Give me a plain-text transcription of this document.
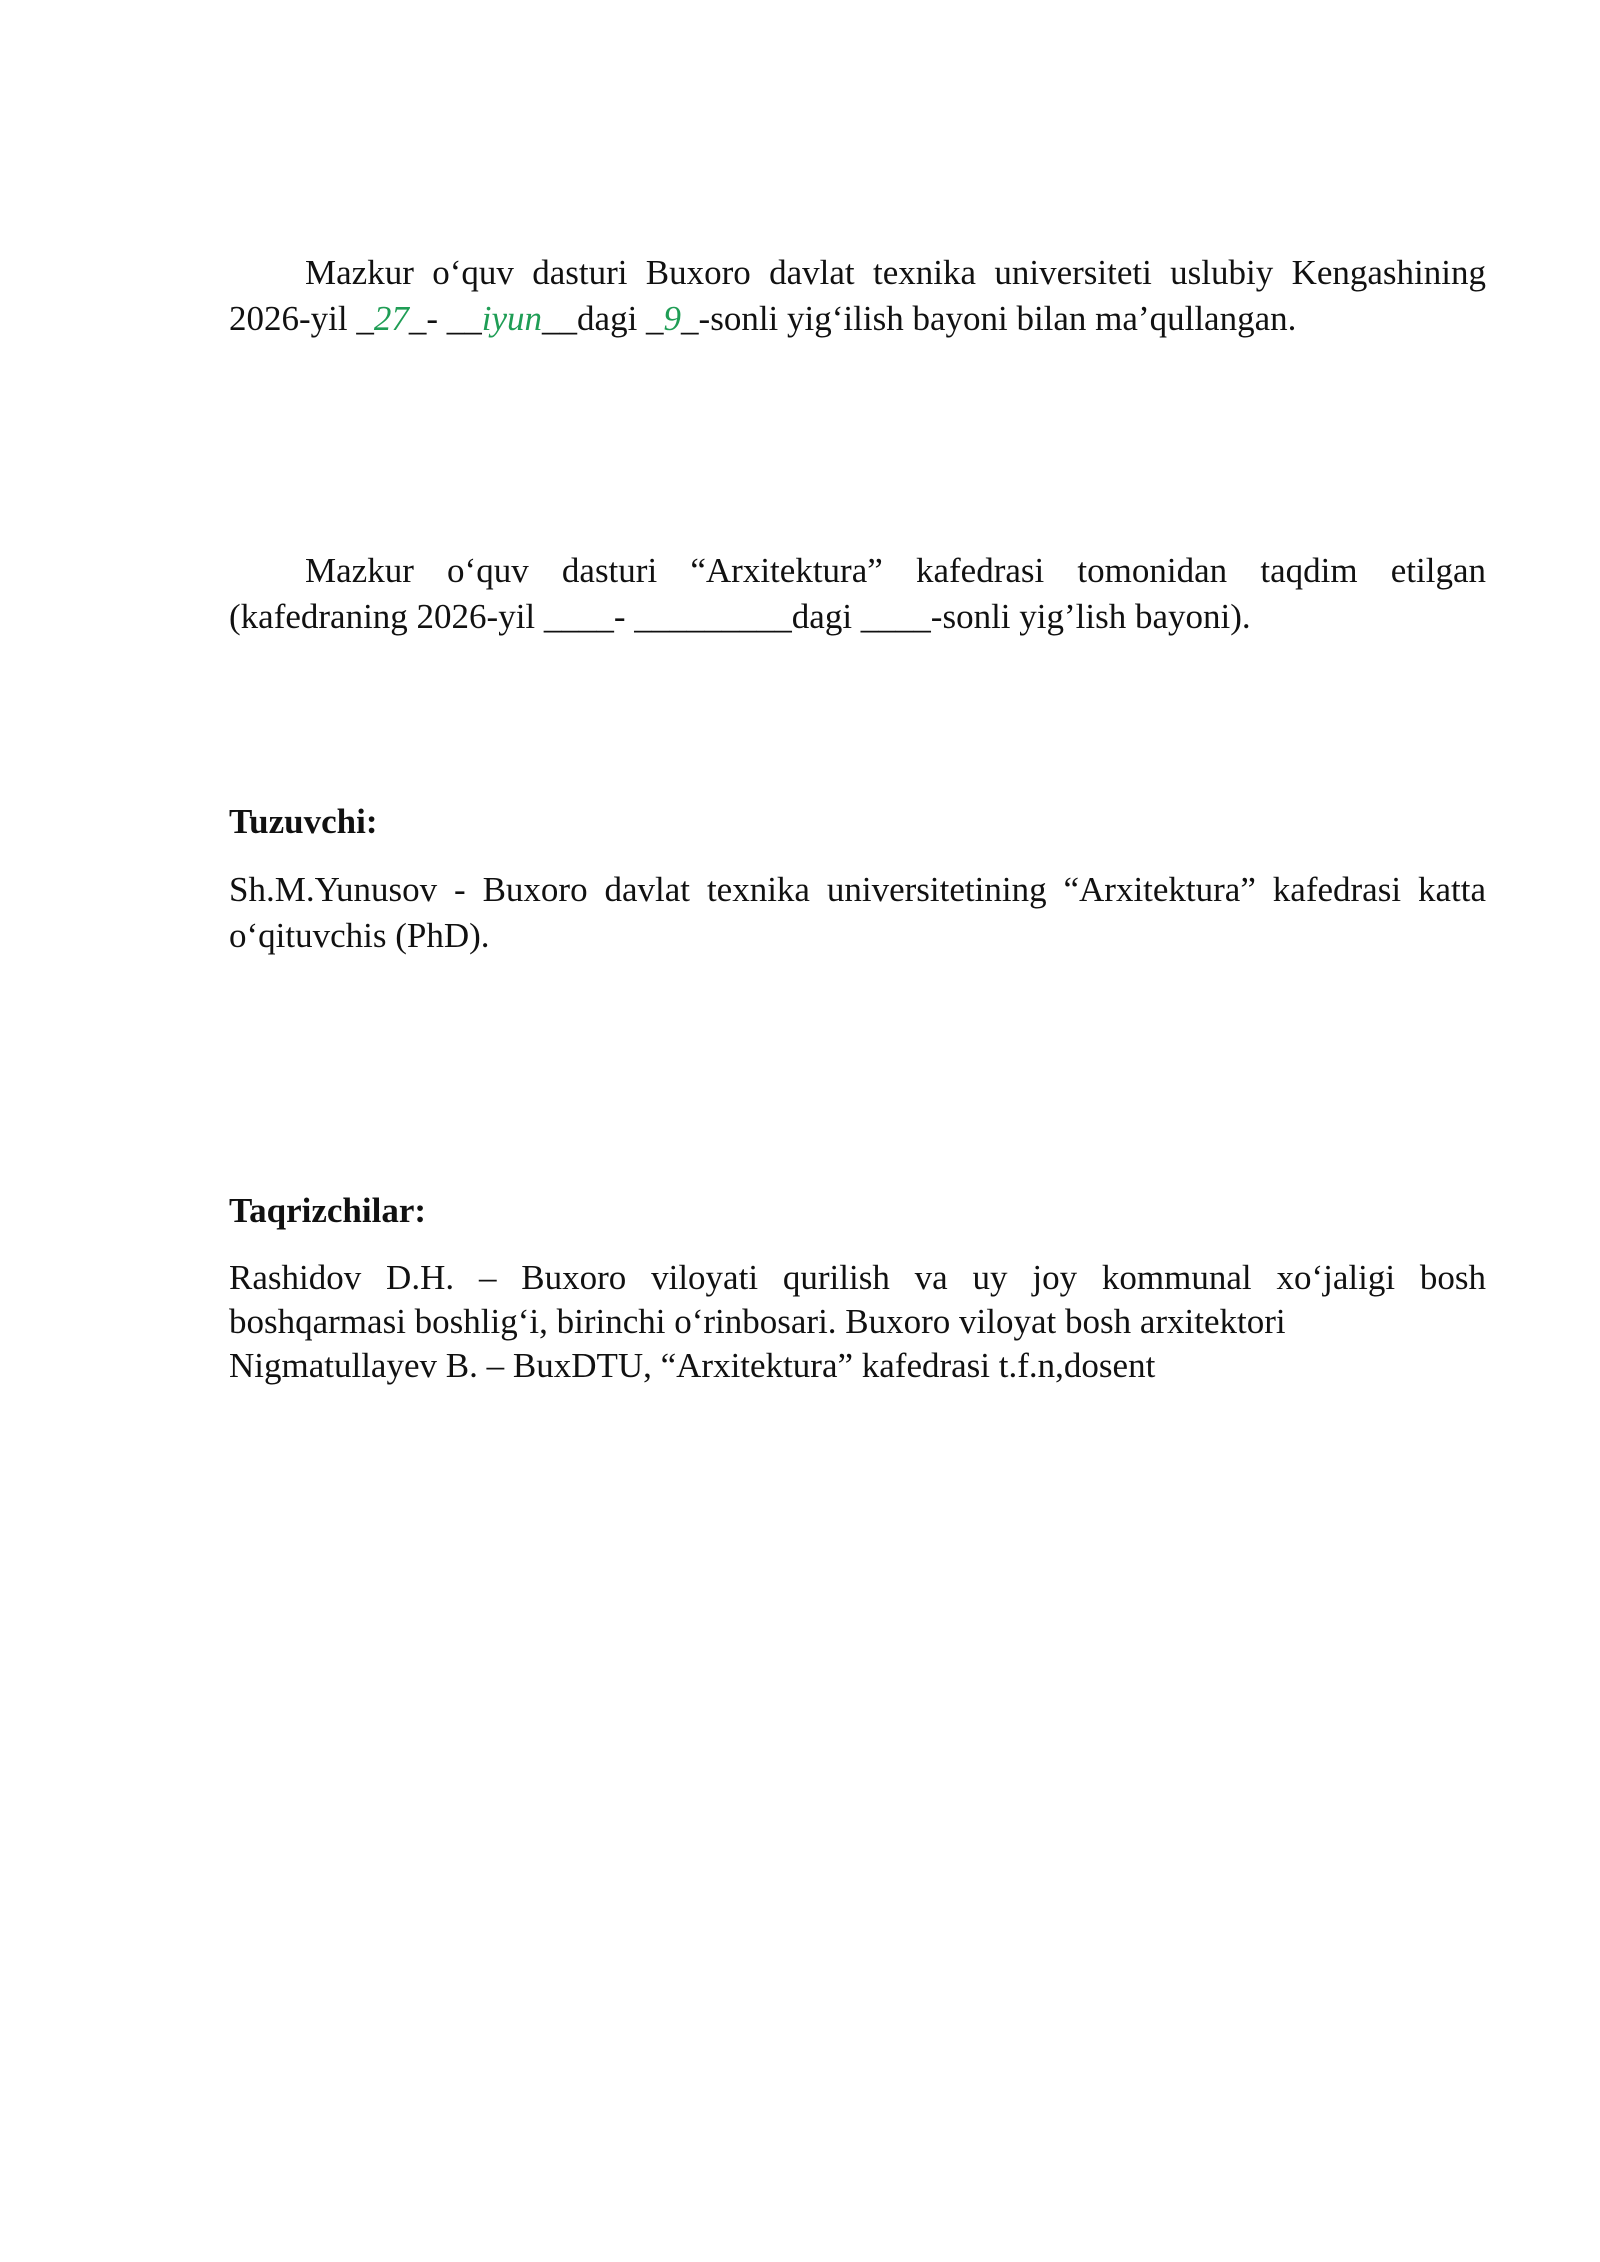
Mazkur o‘quv dasturi Buxoro davlat texnika universiteti uslubiy Kengashining 2026-yil _27_- __iyun__dagi _9_-sonli yig‘ilish bayoni bilan ma’qullangan.

Mazkur o‘quv dasturi “Arxitektura” kafedrasi tomonidan taqdim etilgan
(kafedraning 2026-yil ____- _________dagi ____-sonli yig’lish bayoni).

Tuzuvchi:

Sh.M.Yunusov - Buxoro davlat texnika universitetining “Arxitektura” kafedrasi katta o‘qituvchis (PhD).

Taqrizchilar:

Rashidov D.H. – Buxoro viloyati qurilish va uy joy kommunal xo‘jaligi bosh
boshqarmasi boshlig‘i, birinchi o‘rinbosari. Buxoro viloyat bosh arxitektori
Nigmatullayev B. – BuxDTU, “Arxitektura” kafedrasi t.f.n,dosent
